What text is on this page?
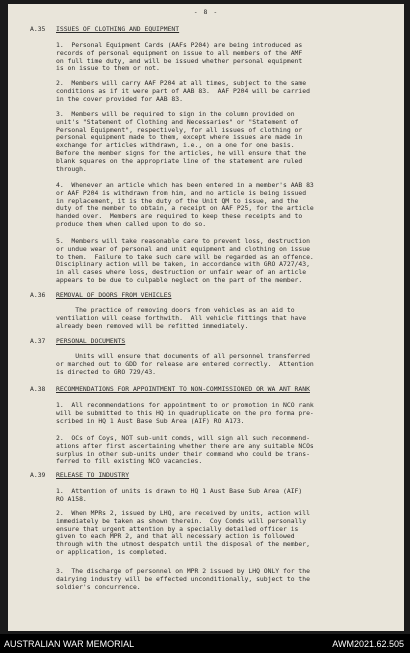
- 8 -
A.35	ISSUES OF CLOTHING AND EQUIPMENT
1.  Personal Equipment Cards (AAFs P204) are being introduced as
records of personal equipment on issue to all members of the AMF
on full time duty, and will be issued whether personal equipment
is on issue to them or not.
2.  Members will carry AAF P204 at all times, subject to the same
conditions as if it were part of AAB 83.  AAF P204 will be carried
in the cover provided for AAB 83.
3.  Members will be required to sign in the column provided on
unit's "Statement of Clothing and Necessaries" or "Statement of
Personal Equipment", respectively, for all issues of clothing or
personal equipment made to them, except where issues are made in
exchange for articles withdrawn, i.e., on a one for one basis.
Before the member signs for the articles, he will ensure that the
blank squares on the appropriate line of the statement are ruled
through.
4.  Whenever an article which has been entered in a member's AAB 83
or AAF P204 is withdrawn from him, and no article is being issued
in replacement, it is the duty of the Unit QM to issue, and the
duty of the member to obtain, a receipt on AAF P25, for the article
handed over.  Members are required to keep these receipts and to
produce them when called upon to do so.
5.  Members will take reasonable care to prevent loss, destruction
or undue wear of personal and unit equipment and clothing on issue
to them.  Failure to take such care will be regarded as an offence.
Disciplinary action will be taken, in accordance with GRO A727/43,
in all cases where loss, destruction or unfair wear of an article
appears to be due to culpable neglect on the part of the member.
A.36	REMOVAL OF DOORS FROM VEHICLES
The practice of removing doors from vehicles as an aid to
ventilation will cease forthwith.  All vehicle fittings that have
already been removed will be refitted immediately.
A.37	PERSONAL DOCUMENTS
Units will ensure that documents of all personnel transferred
or marched out to GDD for release are entered correctly.  Attention
is directed to GRO 729/43.
A.38	RECOMMENDATIONS FOR APPOINTMENT TO NON-COMMISSIONED OR WA ANT RANK
1.  All recommendations for appointment to or promotion in NCO rank
will be submitted to this HQ in quadruplicate on the pro forma pre-
scribed in HQ 1 Aust Base Sub Area (AIF) RO A173.
2.  OCs of Coys, NOT sub-unit comds, will sign all such recommend-
ations after first ascertaining whether there are any suitable NCOs
surplus in other sub-units under their command who could be trans-
ferred to fill existing NCO vacancies.
A.39	RELEASE TO INDUSTRY
1.  Attention of units is drawn to HQ 1 Aust Base Sub Area (AIF)
RO A158.
2.  When MPRs 2, issued by LHQ, are received by units, action will
immediately be taken as shown therein.  Coy Comds will personally
ensure that urgent attention by a specially detailed officer is
given to each MPR 2, and that all necessary action is followed
through with the utmost despatch until the disposal of the member,
or application, is completed.
3.  The discharge of personnel on MPR 2 issued by LHQ ONLY for the
dairying industry will be effected unconditionally, subject to the
soldier's concurrence.
AUSTRALIAN WAR MEMORIAL	AWM2021.62.505
